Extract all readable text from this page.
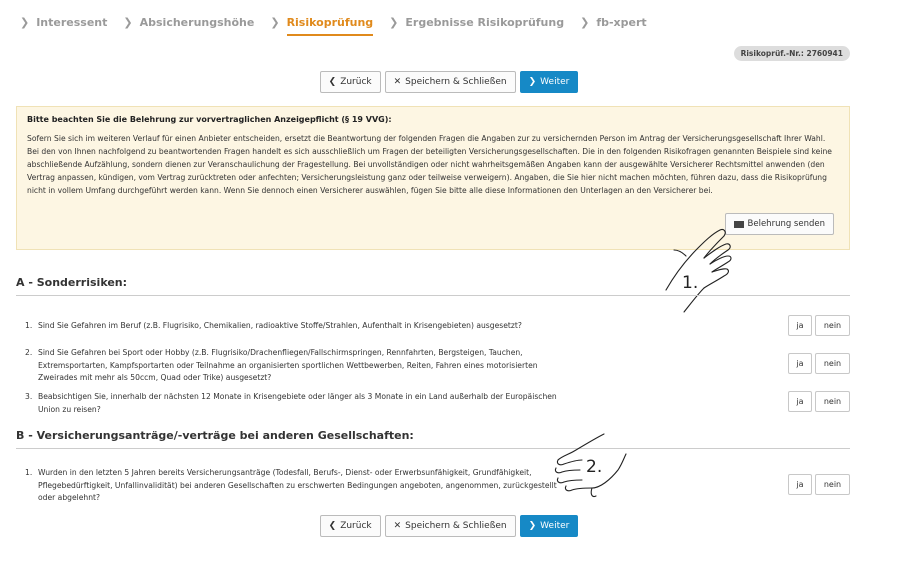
❯ Interessent ❯ Absicherungshöhe ❯ Risikoprüfung ❯ Ergebnisse Risikoprüfung ❯ fb-xpert
Risikoprüf.-Nr.: 2760941
❮ Zurück ✕ Speichern & Schließen ❯ Weiter
Bitte beachten Sie die Belehrung zur vorvertraglichen Anzeigepflicht (§ 19 VVG):

Sofern Sie sich im weiteren Verlauf für einen Anbieter entscheiden, ersetzt die Beantwortung der folgenden Fragen die Angaben zur zu versichernden Person im Antrag der Versicherungsgesellschaft Ihrer Wahl. Bei den von Ihnen nachfolgend zu beantwortenden Fragen handelt es sich ausschließlich um Fragen der beteiligten Versicherungsgesellschaften. Die in den folgenden Risikofragen genannten Beispiele sind keine abschließende Aufzählung, sondern dienen zur Veranschaulichung der Fragestellung. Bei unvollständigen oder nicht wahrheitsgemäßen Angaben kann der ausgewählte Versicherer Rechtsmittel anwenden (den Vertrag anpassen, kündigen, vom Vertrag zurücktreten oder anfechten; Versicherungsleistung ganz oder teilweise verweigern). Angaben, die Sie hier nicht machen möchten, führen dazu, dass die Risikoprüfung nicht in vollem Umfang durchgeführt werden kann. Wenn Sie dennoch einen Versicherer auswählen, fügen Sie bitte alle diese Informationen den Unterlagen an den Versicherer bei.

Belehrung senden
1.
A - Sonderrisiken:
1. Sind Sie Gefahren im Beruf (z.B. Flugrisiko, Chemikalien, radioaktive Stoffe/Strahlen, Aufenthalt in Krisengebieten) ausgesetzt?	ja	nein
2. Sind Sie Gefahren bei Sport oder Hobby (z.B. Flugrisiko/Drachenfliegen/Fallschirmspringen, Rennfahrten, Bergsteigen, Tauchen, Extremsportarten, Kampfsportarten oder Teilnahme an organisierten sportlichen Wettbewerben, Reiten, Fahren eines motorisierten Zweirades mit mehr als 50ccm, Quad oder Trike) ausgesetzt?
ja	nein
3. Beabsichtigen Sie, innerhalb der nächsten 12 Monate in Krisengebiete oder länger als 3 Monate in ein Land außerhalb der Europäischen Union zu reisen?
ja	nein
B - Versicherungsanträge/-verträge bei anderen Gesellschaften:
1. Wurden in den letzten 5 Jahren bereits Versicherungsanträge (Todesfall, Berufs-, Dienst- oder Erwerbsunfähigkeit, Grundfähigkeit, Pflegebedürftigkeit, Unfallinvalidität) bei anderen Gesellschaften zu erschwerten Bedingungen angeboten, angenommen, zurückgestellt oder abgelehnt?
ja	nein
2.
❮ Zurück ✕ Speichern & Schließen ❯ Weiter
